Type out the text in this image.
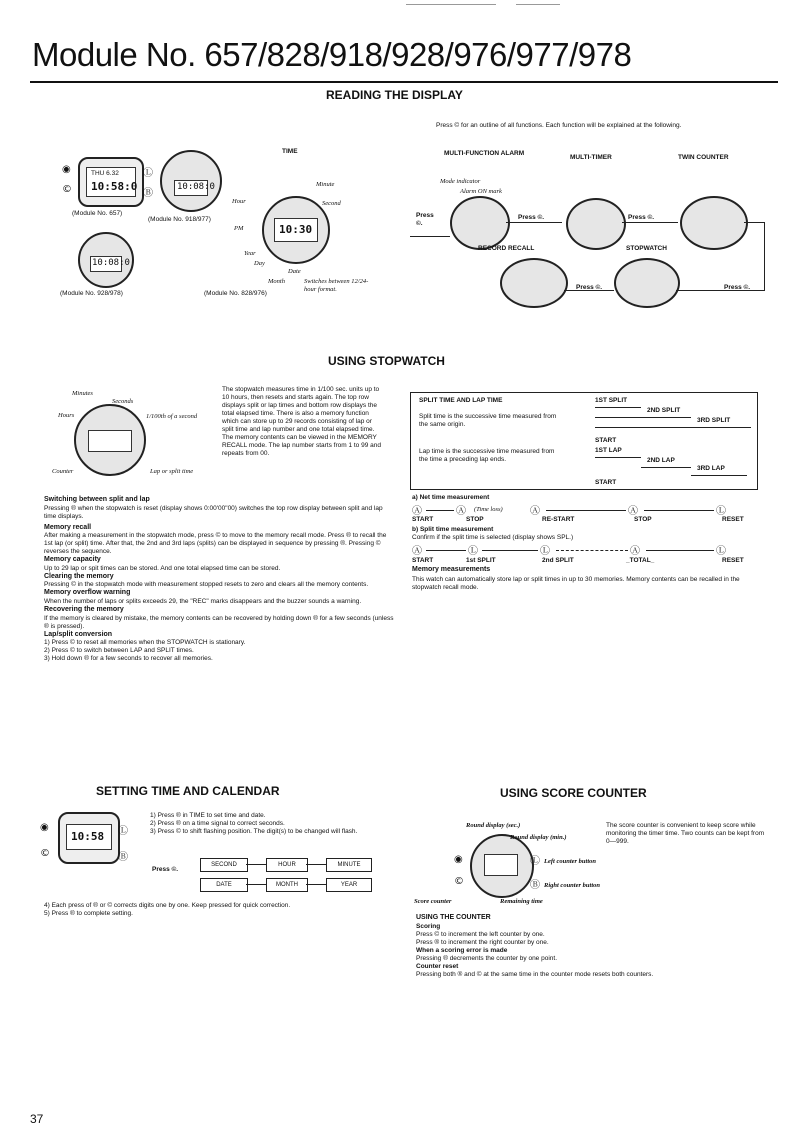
Module No. 657/828/918/928/976/977/978
READING THE DISPLAY
Press © for an outline of all functions. Each function will be explained at the following.
THU 6.32
10:58:0
◉
©
Ⓛ
Ⓑ
(Module No. 657)
10:08:0
(Module No. 918/977)
10:08:0
(Module No. 928/978)
TIME
10:30
Minute
Hour	Second
PM
Year
Day
Date
Month	Switches between 12/24-hour format.
(Module No. 828/976)
MULTI-FUNCTION ALARM
MULTI-TIMER	TWIN COUNTER
Mode indicator
Alarm ON mark
Press ©.
Press ©.	Press ©.
RECORD RECALL	STOPWATCH
Press ©.	Press ©.
USING STOPWATCH
Minutes
Seconds
Hours	1/100th of a second
Counter	Lap or split time
The stopwatch measures time in 1/100 sec. units up to 10 hours, then resets and starts again. The top row displays split or lap times and bottom row displays the total elapsed time. There is also a memory function which can store up to 29 records consisting of lap or split time and lap number and one total elapsed time. The memory contents can be viewed in the MEMORY RECALL mode. The lap number starts from 1 to 99 and repeats from 00.
Switching between split and lap
Pressing ® when the stopwatch is reset (display shows 0:00'00"00) switches the top row display between split and lap time displays.
Memory recall
After making a measurement in the stopwatch mode, press © to move to the memory recall mode. Press ® to recall the 1st lap (or split) time. After that, the 2nd and 3rd laps (splits) can be displayed in sequence by pressing ®. Pressing © reverses the sequence.
Memory capacity
Up to 29 lap or spit times can be stored. And one total elapsed time can be stored.
Clearing the memory
Pressing © in the stopwatch mode with measurement stopped resets to zero and clears all the memory contents.
Memory overflow warning
When the number of laps or splits exceeds 29, the "REC" marks disappears and the buzzer sounds a warning.
Recovering the memory
If the memory is cleared by mistake, the memory contents can be recovered by holding down ® for a few seconds (unless ® is pressed).
Lap/split conversion
1) Press © to reset all memories when the STOPWATCH is stationary.
2) Press © to switch between LAP and SPLIT times.
3) Hold down ® for a few seconds to recover all memories.
SPLIT TIME AND LAP TIME
Split time is the successive time measured from the same origin.
Lap time is the successive time measured from the time a preceding lap ends.
1ST SPLIT
2ND SPLIT
3RD SPLIT
START
1ST LAP
2ND LAP
3RD LAP
START
a) Net time measurement
Ⓐ	Ⓐ (Time loss)	Ⓐ	Ⓐ	Ⓛ
START	STOP	RE-START	STOP	RESET
b) Split time measurement
Confirm if the split time is selected (display shows SPL.)
Ⓐ	Ⓛ	Ⓛ	Ⓐ	Ⓛ
START	1st SPLIT	2nd SPLIT	_TOTAL_	RESET
Memory measurements
This watch can automatically store lap or split times in up to 30 memories. Memory contents can be recalled in the stopwatch recall mode.
SETTING TIME AND CALENDAR
10:58
◉
©
Ⓛ
Ⓑ
1) Press ® in TIME to set time and date.
2) Press ® on a time signal to correct seconds.
3) Press © to shift flashing position. The digit(s) to be changed will flash.
Press ©.
SECOND	HOUR	MINUTE
DATE	MONTH	YEAR
4) Each press of ® or © corrects digits one by one. Keep pressed for quick correction.
5) Press ® to complete setting.
USING SCORE COUNTER
Round display (sec.)
Round display (min.)
Ⓛ Left counter button
Ⓑ Right counter button
Score counter	Remaining time
◉
©
The score counter is convenient to keep score while monitoring the timer time. Two counts can be kept from 0—999.
USING THE COUNTER
Scoring
Press © to increment the left counter by one.
Press ® to increment the right counter by one.
When a scoring error is made
Pressing ® decrements the counter by one point.
Counter reset
Pressing both ® and © at the same time in the counter mode resets both counters.
37
